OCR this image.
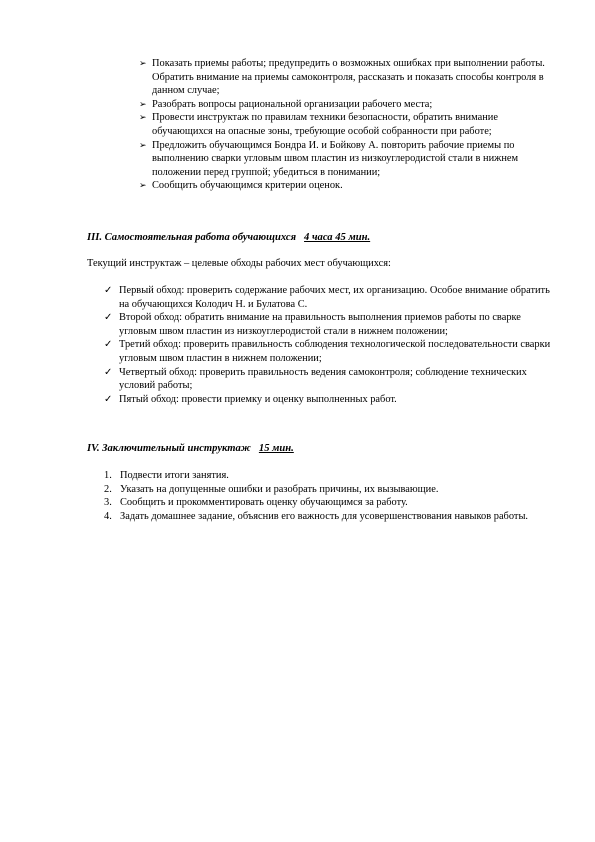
➢ Показать приемы работы; предупредить о возможных ошибках при выполнении работы. Обратить внимание на приемы самоконтроля, рассказать и показать способы контроля в данном случае;
➢ Разобрать вопросы рациональной организации рабочего места;
➢ Провести инструктаж по правилам техники безопасности, обратить внимание обучающихся на опасные зоны, требующие особой собранности при работе;
➢ Предложить обучающимся Бондра И. и Бойкову А. повторить рабочие приемы по выполнению сварки угловым швом пластин из низкоуглеродистой стали в нижнем положении перед группой; убедиться в понимании;
➢ Сообщить обучающимся критерии оценок.
III. Самостоятельная работа обучающихся 4 часа 45 мин.
Текущий инструктаж – целевые обходы рабочих мест обучающихся:
✓ Первый обход: проверить содержание рабочих мест, их организацию. Особое внимание обратить на обучающихся Колодич Н. и Булатова С.
✓ Второй обход: обратить внимание на правильность выполнения приемов работы по сварке угловым швом пластин из низкоуглеродистой стали в нижнем положении;
✓ Третий обход: проверить правильность соблюдения технологической последовательности сварки угловым швом пластин в нижнем положении;
✓ Четвертый обход: проверить правильность ведения самоконтроля; соблюдение технических условий работы;
✓ Пятый обход: провести приемку и оценку выполненных работ.
IV. Заключительный инструктаж 15 мин.
1. Подвести итоги занятия.
2. Указать на допущенные ошибки и разобрать причины, их вызывающие.
3. Сообщить и прокомментировать оценку обучающимся за работу.
4. Задать домашнее задание, объяснив его важность для усовершенствования навыков работы.
